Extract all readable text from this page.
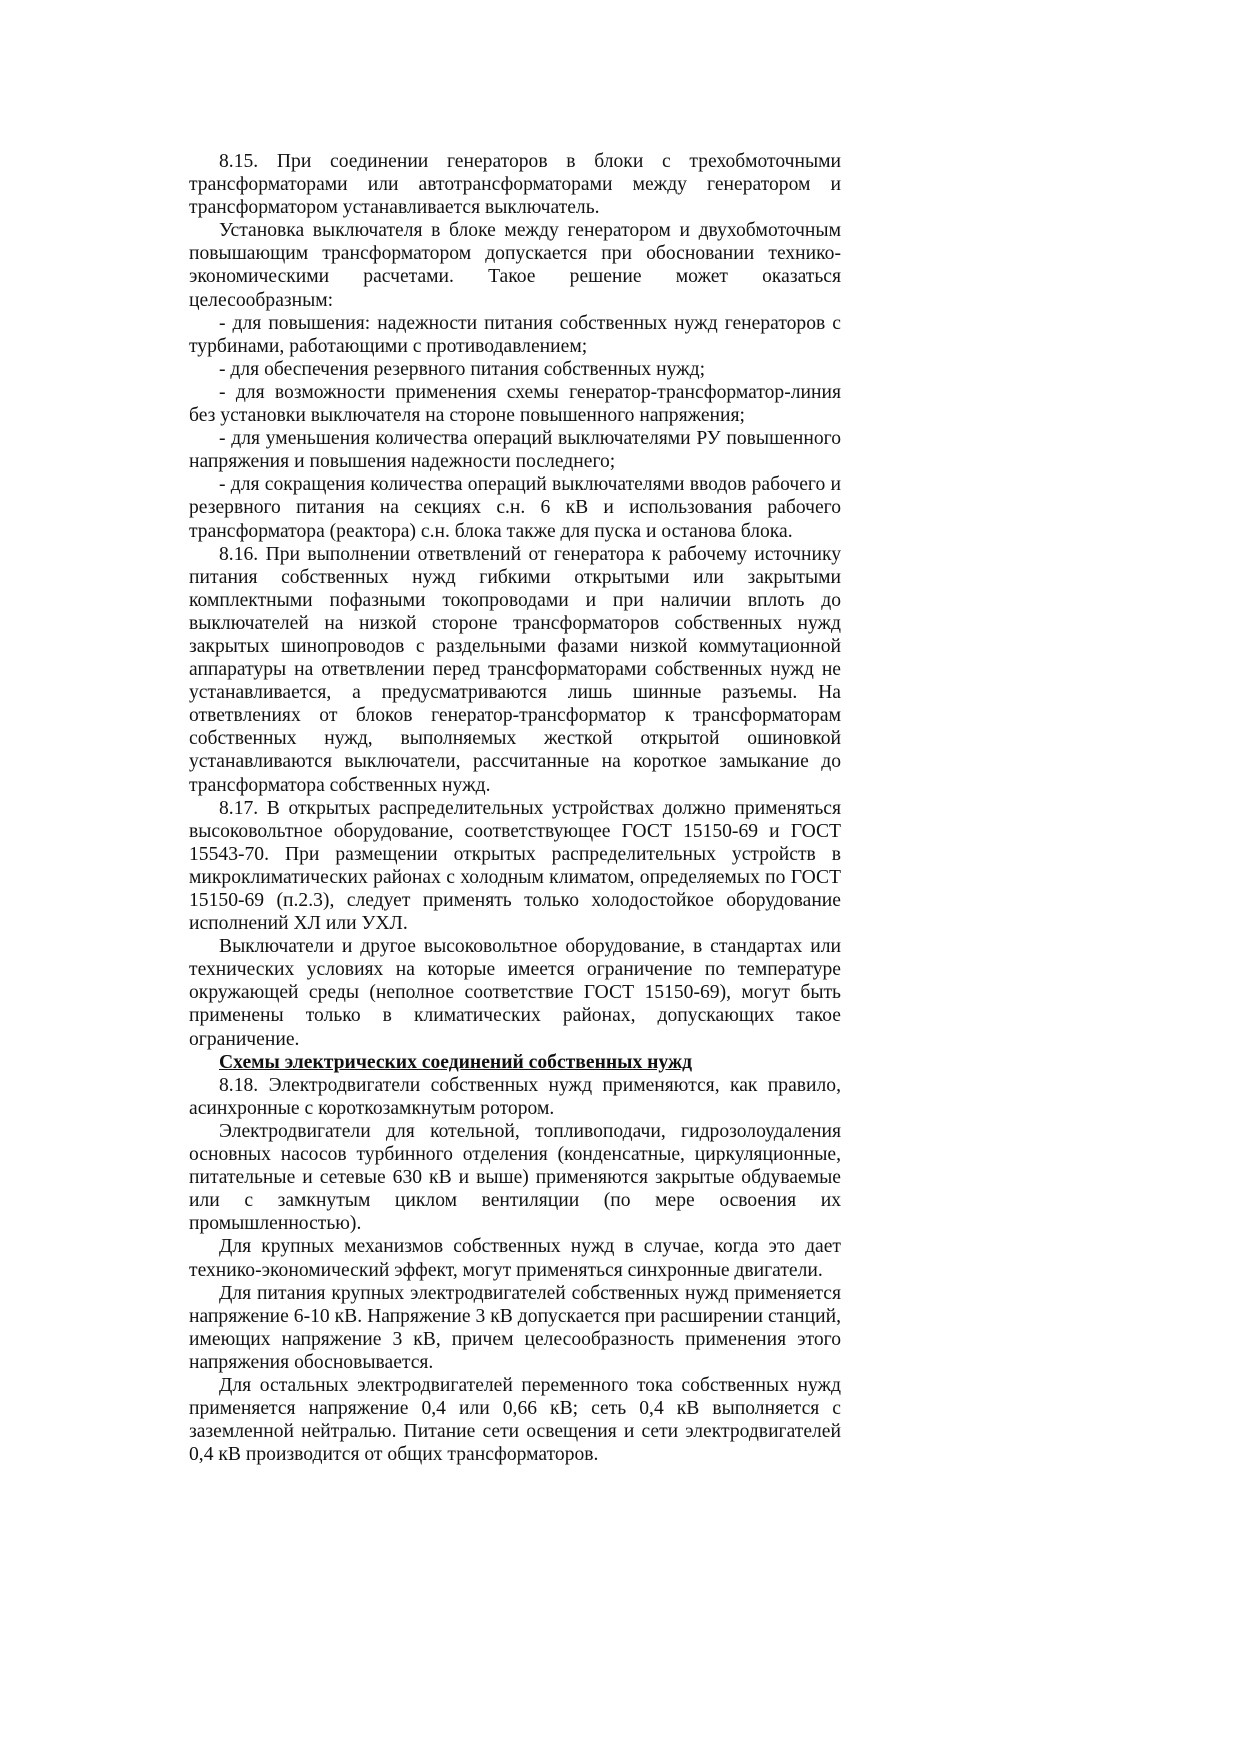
8.15. При соединении генераторов в блоки с трехобмоточными трансформаторами или автотрансформаторами между генератором и трансформатором устанавливается выключатель.

Установка выключателя в блоке между генератором и двухобмоточным повышающим трансформатором допускается при обосновании технико-экономическими расчетами. Такое решение может оказаться целесообразным:

- для повышения: надежности питания собственных нужд генераторов с турбинами, работающими с противодавлением;

- для обеспечения резервного питания собственных нужд;

- для возможности применения схемы генератор-трансформатор-линия без установки выключателя на стороне повышенного напряжения;

- для уменьшения количества операций выключателями РУ повышенного напряжения и повышения надежности последнего;

- для сокращения количества операций выключателями вводов рабочего и резервного питания на секциях с.н. 6 кВ и использования рабочего трансформатора (реактора) с.н. блока также для пуска и останова блока.

8.16. При выполнении ответвлений от генератора к рабочему источнику питания собственных нужд гибкими открытыми или закрытыми комплектными пофазными токопроводами и при наличии вплоть до выключателей на низкой стороне трансформаторов собственных нужд закрытых шинопроводов с раздельными фазами низкой коммутационной аппаратуры на ответвлении перед трансформаторами собственных нужд не устанавливается, а предусматриваются лишь шинные разъемы. На ответвлениях от блоков генератор-трансформатор к трансформаторам собственных нужд, выполняемых жесткой открытой ошиновкой устанавливаются выключатели, рассчитанные на короткое замыкание до трансформатора собственных нужд.

8.17. В открытых распределительных устройствах должно применяться высоковольтное оборудование, соответствующее ГОСТ 15150-69 и ГОСТ 15543-70. При размещении открытых распределительных устройств в микроклиматических районах с холодным климатом, определяемых по ГОСТ 15150-69 (п.2.3), следует применять только холодостойкое оборудование исполнений ХЛ или УХЛ.

Выключатели и другое высоковольтное оборудование, в стандартах или технических условиях на которые имеется ограничение по температуре окружающей среды (неполное соответствие ГОСТ 15150-69), могут быть применены только в климатических районах, допускающих такое ограничение.

Схемы электрических соединений собственных нужд

8.18. Электродвигатели собственных нужд применяются, как правило, асинхронные с короткозамкнутым ротором.

Электродвигатели для котельной, топливоподачи, гидрозолоудаления основных насосов турбинного отделения (конденсатные, циркуляционные, питательные и сетевые 630 кВ и выше) применяются закрытые обдуваемые или с замкнутым циклом вентиляции (по мере освоения их промышленностью).

Для крупных механизмов собственных нужд в случае, когда это дает технико-экономический эффект, могут применяться синхронные двигатели.

Для питания крупных электродвигателей собственных нужд применяется напряжение 6-10 кВ. Напряжение 3 кВ допускается при расширении станций, имеющих напряжение 3 кВ, причем целесообразность применения этого напряжения обосновывается.

Для остальных электродвигателей переменного тока собственных нужд применяется напряжение 0,4 или 0,66 кВ; сеть 0,4 кВ выполняется с заземленной нейтралью. Питание сети освещения и сети электродвигателей 0,4 кВ производится от общих трансформаторов.
